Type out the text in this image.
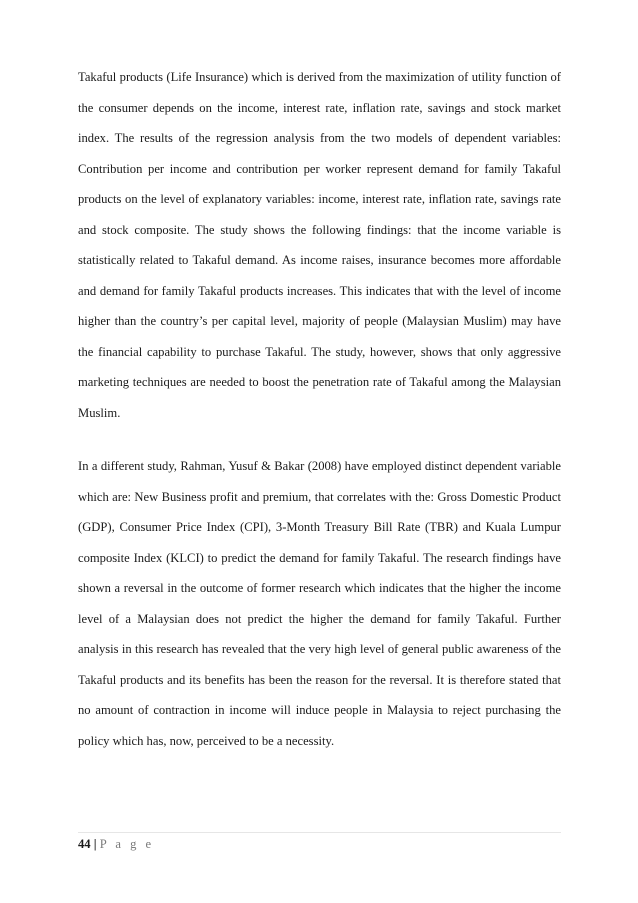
Takaful products (Life Insurance) which is derived from the maximization of utility function of the consumer depends on the income, interest rate, inflation rate, savings and stock market index. The results of the regression analysis from the two models of dependent variables: Contribution per income and contribution per worker represent demand for family Takaful products on the level of explanatory variables: income, interest rate, inflation rate, savings rate and stock composite. The study shows the following findings: that the income variable is statistically related to Takaful demand. As income raises, insurance becomes more affordable and demand for family Takaful products increases. This indicates that with the level of income higher than the country’s per capital level, majority of people (Malaysian Muslim) may have the financial capability to purchase Takaful. The study, however, shows that only aggressive marketing techniques are needed to boost the penetration rate of Takaful among the Malaysian Muslim.

In a different study, Rahman, Yusuf & Bakar (2008) have employed distinct dependent variable which are: New Business profit and premium, that correlates with the: Gross Domestic Product (GDP), Consumer Price Index (CPI), 3-Month Treasury Bill Rate (TBR) and Kuala Lumpur composite Index (KLCI) to predict the demand for family Takaful. The research findings have shown a reversal in the outcome of former research which indicates that the higher the income level of a Malaysian does not predict the higher the demand for family Takaful. Further analysis in this research has revealed that the very high level of general public awareness of the Takaful products and its benefits has been the reason for the reversal. It is therefore stated that no amount of contraction in income will induce people in Malaysia to reject purchasing the policy which has, now, perceived to be a necessity.

44 | P a g e
